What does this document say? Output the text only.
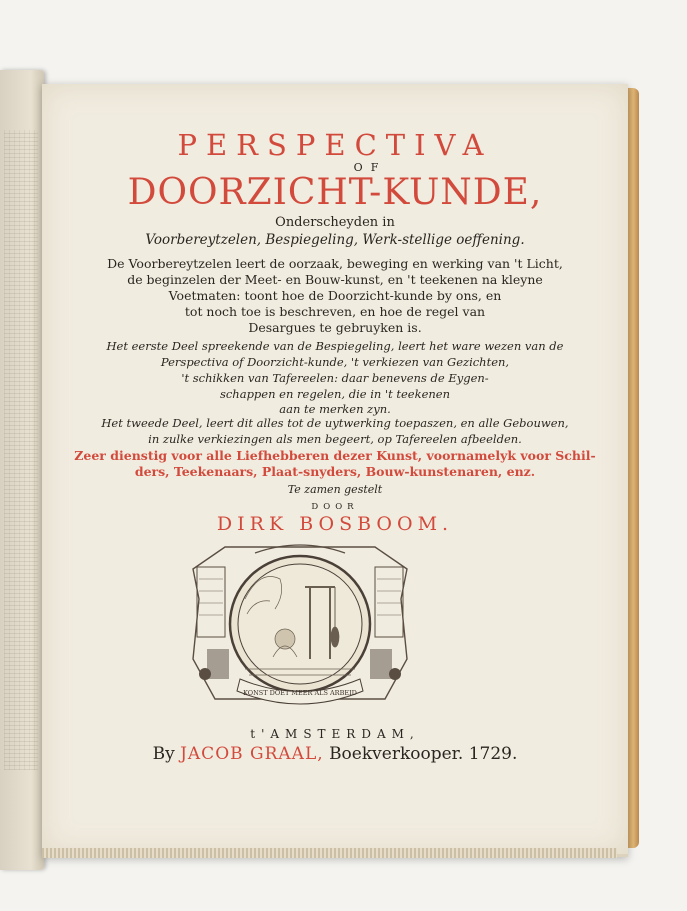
PERSPECTIVA
OF
DOORZICHT-KUNDE,
Onderscheyden in
Voorbereytzelen, Bespiegeling, Werk-stellige oeffening.
De Voorbereytzelen leert de oorzaak, beweging en werking van 't Licht,
de beginzelen der Meet- en Bouw-kunst, en 't teekenen na kleyne
Voetmaten: toont hoe de Doorzicht-kunde by ons, en
tot noch toe is beschreven, en hoe de regel van
Desargues te gebruyken is.
Het eerste Deel spreekende van de Bespiegeling, leert het ware wezen van de
Perspectiva of Doorzicht-kunde, 't verkiezen van Gezichten,
't schikken van Tafereelen: daar benevens de Eygen-
schappen en regelen, die in 't teekenen
aan te merken zyn.
Het tweede Deel, leert dit alles tot de uytwerking toepaszen, en alle Gebouwen,
in zulke verkiezingen als men begeert, op Tafereelen afbeelden.
Zeer dienstig voor alle Liefhebberen dezer Kunst, voornamelyk voor Schil-
ders, Teekenaars, Plaat-snyders, Bouw-kunstenaren, enz.
Te zamen gestelt
DOOR
DIRK BOSBOOM.
KONST DOET MEER ALS ARBEID
t'AMSTERDAM,
By JACOB GRAAL, Boekverkooper. 1729.
